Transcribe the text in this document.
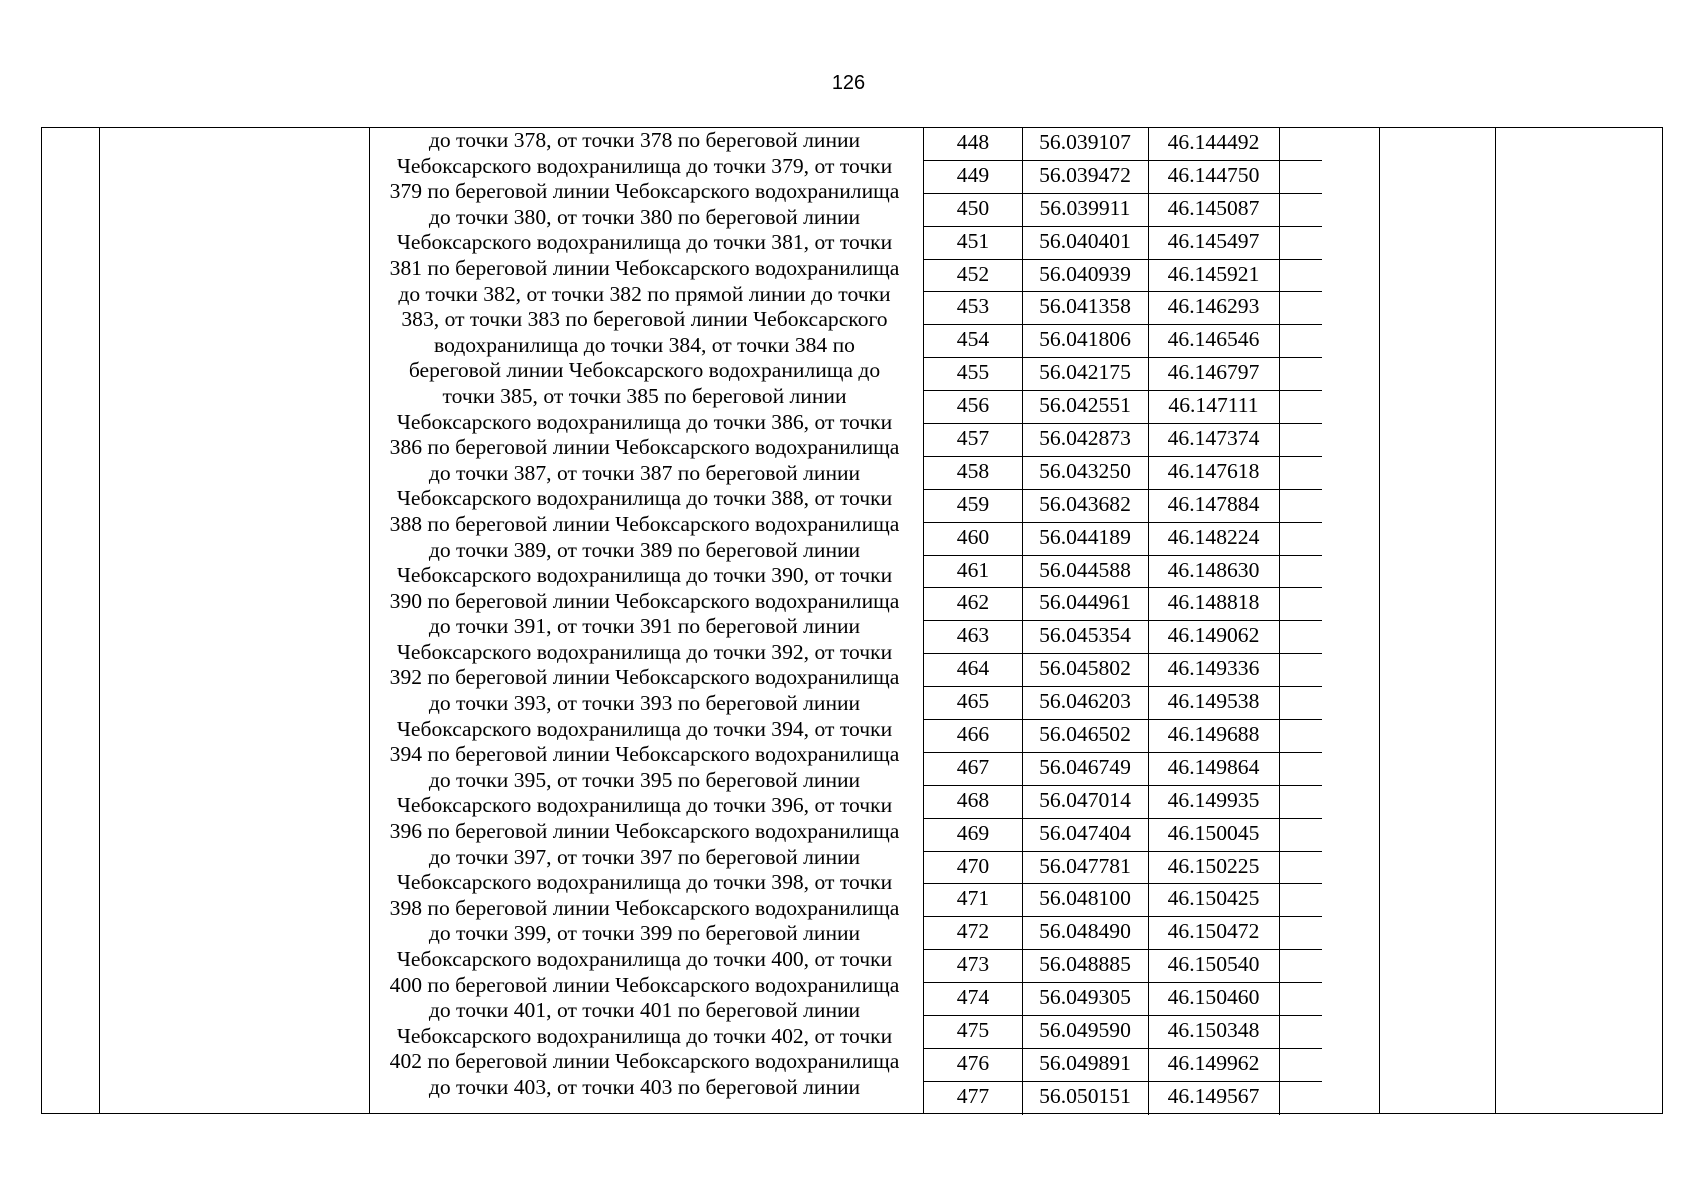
126
до точки 378, от точки 378 по береговой линии
Чебоксарского водохранилища до точки 379, от точки
379 по береговой линии Чебоксарского водохранилища
до точки 380, от точки 380 по береговой линии
Чебоксарского водохранилища до точки 381, от точки
381 по береговой линии Чебоксарского водохранилища
до точки 382, от точки 382 по прямой линии до точки
383, от точки 383 по береговой линии Чебоксарского
водохранилища до точки 384, от точки 384 по
береговой линии Чебоксарского водохранилища до
точки 385, от точки 385 по береговой линии
Чебоксарского водохранилища до точки 386, от точки
386 по береговой линии Чебоксарского водохранилища
до точки 387, от точки 387 по береговой линии
Чебоксарского водохранилища до точки 388, от точки
388 по береговой линии Чебоксарского водохранилища
до точки 389, от точки 389 по береговой линии
Чебоксарского водохранилища до точки 390, от точки
390 по береговой линии Чебоксарского водохранилища
до точки 391, от точки 391 по береговой линии
Чебоксарского водохранилища до точки 392, от точки
392 по береговой линии Чебоксарского водохранилища
до точки 393, от точки 393 по береговой линии
Чебоксарского водохранилища до точки 394, от точки
394 по береговой линии Чебоксарского водохранилища
до точки 395, от точки 395 по береговой линии
Чебоксарского водохранилища до точки 396, от точки
396 по береговой линии Чебоксарского водохранилища
до точки 397, от точки 397 по береговой линии
Чебоксарского водохранилища до точки 398, от точки
398 по береговой линии Чебоксарского водохранилища
до точки 399, от точки 399 по береговой линии
Чебоксарского водохранилища до точки 400, от точки
400 по береговой линии Чебоксарского водохранилища
до точки 401, от точки 401 по береговой линии
Чебоксарского водохранилища до точки 402, от точки
402 по береговой линии Чебоксарского водохранилища
до точки 403, от точки 403 по береговой линии
448	56.039107	46.144492
449	56.039472	46.144750
450	56.039911	46.145087
451	56.040401	46.145497
452	56.040939	46.145921
453	56.041358	46.146293
454	56.041806	46.146546
455	56.042175	46.146797
456	56.042551	46.147111
457	56.042873	46.147374
458	56.043250	46.147618
459	56.043682	46.147884
460	56.044189	46.148224
461	56.044588	46.148630
462	56.044961	46.148818
463	56.045354	46.149062
464	56.045802	46.149336
465	56.046203	46.149538
466	56.046502	46.149688
467	56.046749	46.149864
468	56.047014	46.149935
469	56.047404	46.150045
470	56.047781	46.150225
471	56.048100	46.150425
472	56.048490	46.150472
473	56.048885	46.150540
474	56.049305	46.150460
475	56.049590	46.150348
476	56.049891	46.149962
477	56.050151	46.149567
